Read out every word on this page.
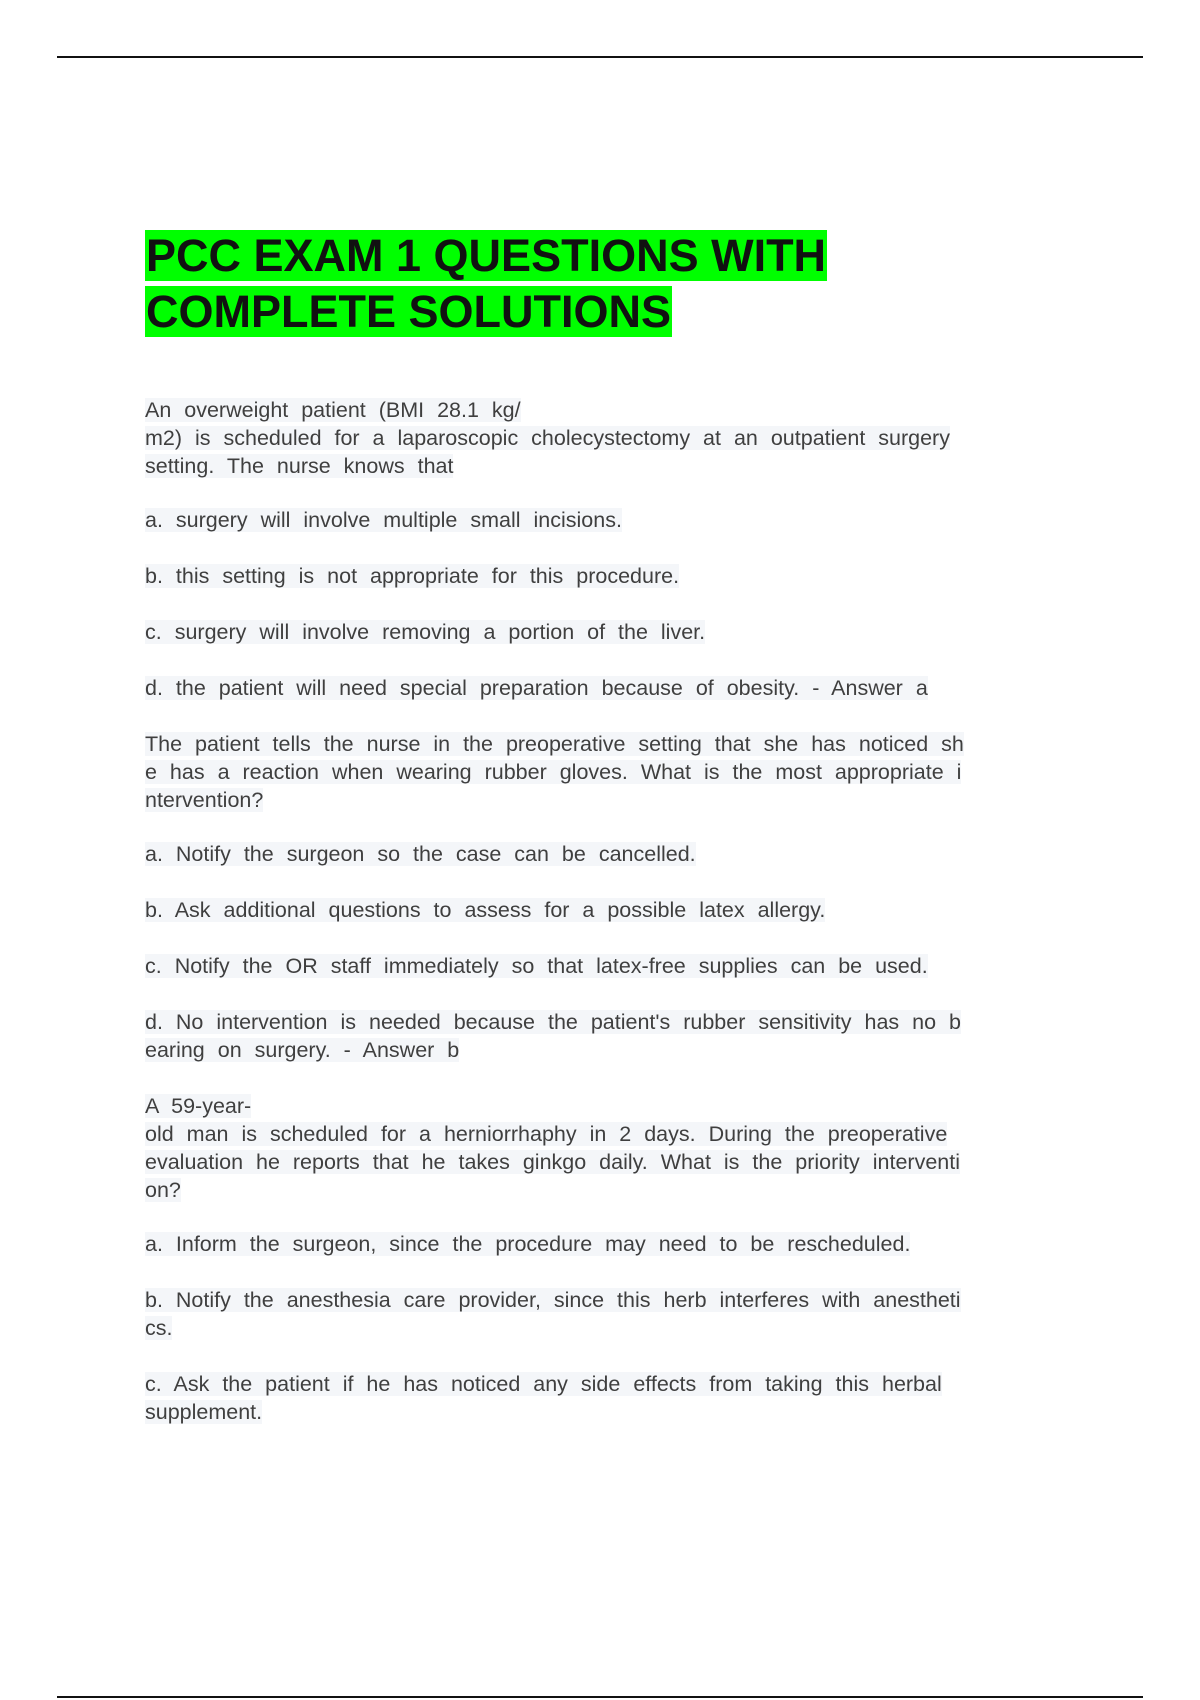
PCC EXAM 1 QUESTIONS WITH
COMPLETE SOLUTIONS

An overweight patient (BMI 28.1 kg/
m2) is scheduled for a laparoscopic cholecystectomy at an outpatient surgery
setting. The nurse knows that

a. surgery will involve multiple small incisions.

b. this setting is not appropriate for this procedure.

c. surgery will involve removing a portion of the liver.

d. the patient will need special preparation because of obesity. - Answer a

The patient tells the nurse in the preoperative setting that she has noticed sh
e has a reaction when wearing rubber gloves. What is the most appropriate i
ntervention?

a. Notify the surgeon so the case can be cancelled.

b. Ask additional questions to assess for a possible latex allergy.

c. Notify the OR staff immediately so that latex-free supplies can be used.

d. No intervention is needed because the patient's rubber sensitivity has no b
earing on surgery. - Answer b

A 59-year-
old man is scheduled for a herniorrhaphy in 2 days. During the preoperative
evaluation he reports that he takes ginkgo daily. What is the priority interventi
on?

a. Inform the surgeon, since the procedure may need to be rescheduled.

b. Notify the anesthesia care provider, since this herb interferes with anestheti
cs.

c. Ask the patient if he has noticed any side effects from taking this herbal
supplement.
